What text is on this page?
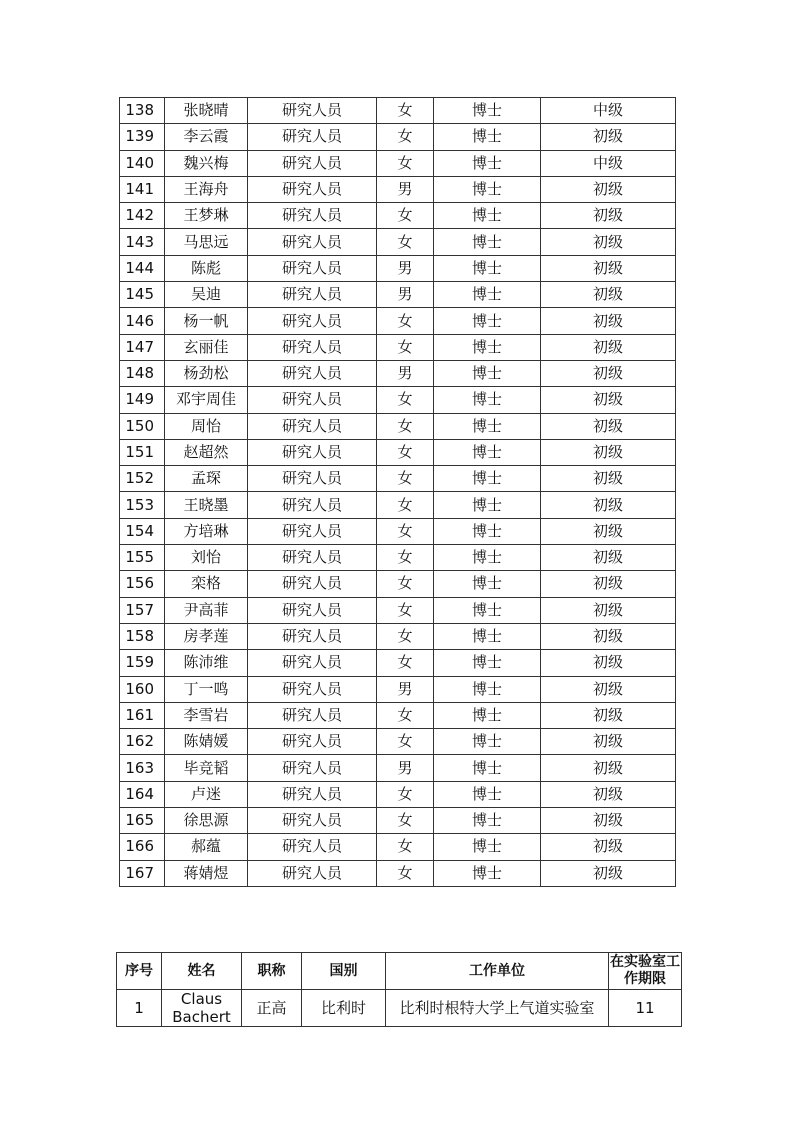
138	张晓晴	研究人员	女	博士	中级
139	李云霞	研究人员	女	博士	初级
140	魏兴梅	研究人员	女	博士	中级
141	王海舟	研究人员	男	博士	初级
142	王梦琳	研究人员	女	博士	初级
143	马思远	研究人员	女	博士	初级
144	陈彪	研究人员	男	博士	初级
145	吴迪	研究人员	男	博士	初级
146	杨一帆	研究人员	女	博士	初级
147	玄丽佳	研究人员	女	博士	初级
148	杨劲松	研究人员	男	博士	初级
149	邓宇周佳	研究人员	女	博士	初级
150	周怡	研究人员	女	博士	初级
151	赵超然	研究人员	女	博士	初级
152	孟琛	研究人员	女	博士	初级
153	王晓墨	研究人员	女	博士	初级
154	方培琳	研究人员	女	博士	初级
155	刘怡	研究人员	女	博士	初级
156	栾格	研究人员	女	博士	初级
157	尹高菲	研究人员	女	博士	初级
158	房孝莲	研究人员	女	博士	初级
159	陈沛维	研究人员	女	博士	初级
160	丁一鸣	研究人员	男	博士	初级
161	李雪岩	研究人员	女	博士	初级
162	陈婧媛	研究人员	女	博士	初级
163	毕竞韬	研究人员	男	博士	初级
164	卢迷	研究人员	女	博士	初级
165	徐思源	研究人员	女	博士	初级
166	郝蕴	研究人员	女	博士	初级
167	蒋婧煜	研究人员	女	博士	初级
序号	姓名	职称	国别	工作单位	在实验室工作期限
1	Claus Bachert	正高	比利时	比利时根特大学上气道实验室	11
